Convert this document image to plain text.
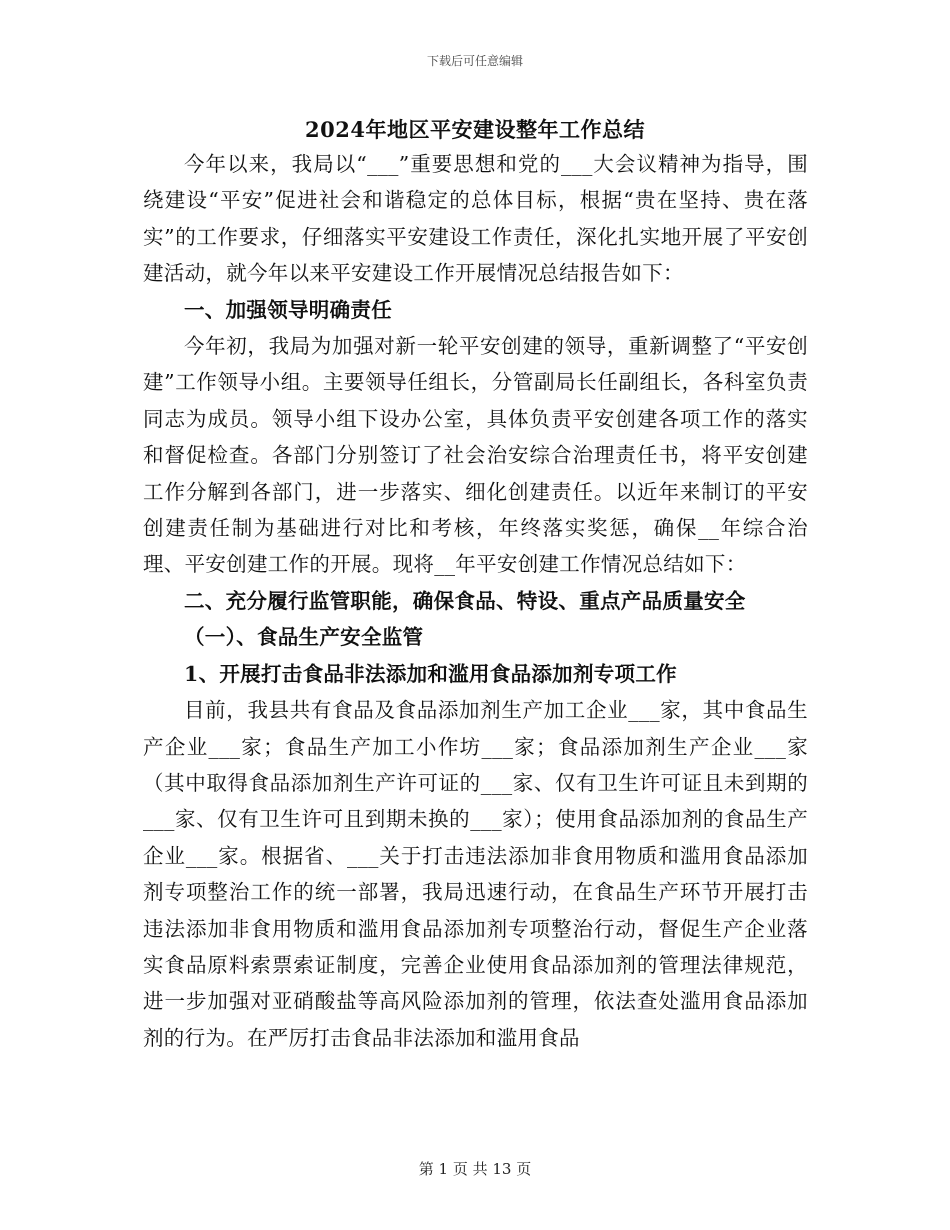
下载后可任意编辑
2024年地区平安建设整年工作总结

今年以来，我局以“___”重要思想和党的___大会议精神为指导，围绕建设“平安”促进社会和谐稳定的总体目标，根据“贵在坚持、贵在落实”的工作要求，仔细落实平安建设工作责任，深化扎实地开展了平安创建活动，就今年以来平安建设工作开展情况总结报告如下：

一、加强领导明确责任

今年初，我局为加强对新一轮平安创建的领导，重新调整了“平安创建”工作领导小组。主要领导任组长，分管副局长任副组长，各科室负责同志为成员。领导小组下设办公室，具体负责平安创建各项工作的落实和督促检查。各部门分别签订了社会治安综合治理责任书，将平安创建工作分解到各部门，进一步落实、细化创建责任。以近年来制订的平安创建责任制为基础进行对比和考核，年终落实奖惩，确保__年综合治理、平安创建工作的开展。现将__年平安创建工作情况总结如下：

二、充分履行监管职能，确保食品、特设、重点产品质量安全

（一）、食品生产安全监管

1、开展打击食品非法添加和滥用食品添加剂专项工作

目前，我县共有食品及食品添加剂生产加工企业___家，其中食品生产企业___家；食品生产加工小作坊___家；食品添加剂生产企业___家（其中取得食品添加剂生产许可证的___家、仅有卫生许可证且未到期的___家、仅有卫生许可且到期未换的___家）；使用食品添加剂的食品生产企业___家。根据省、___关于打击违法添加非食用物质和滥用食品添加剂专项整治工作的统一部署，我局迅速行动，在食品生产环节开展打击违法添加非食用物质和滥用食品添加剂专项整治行动，督促生产企业落实食品原料索票索证制度，完善企业使用食品添加剂的管理法律规范，进一步加强对亚硝酸盐等高风险添加剂的管理，依法查处滥用食品添加剂的行为。在严厉打击食品非法添加和滥用食品

第 1 页 共 13 页
